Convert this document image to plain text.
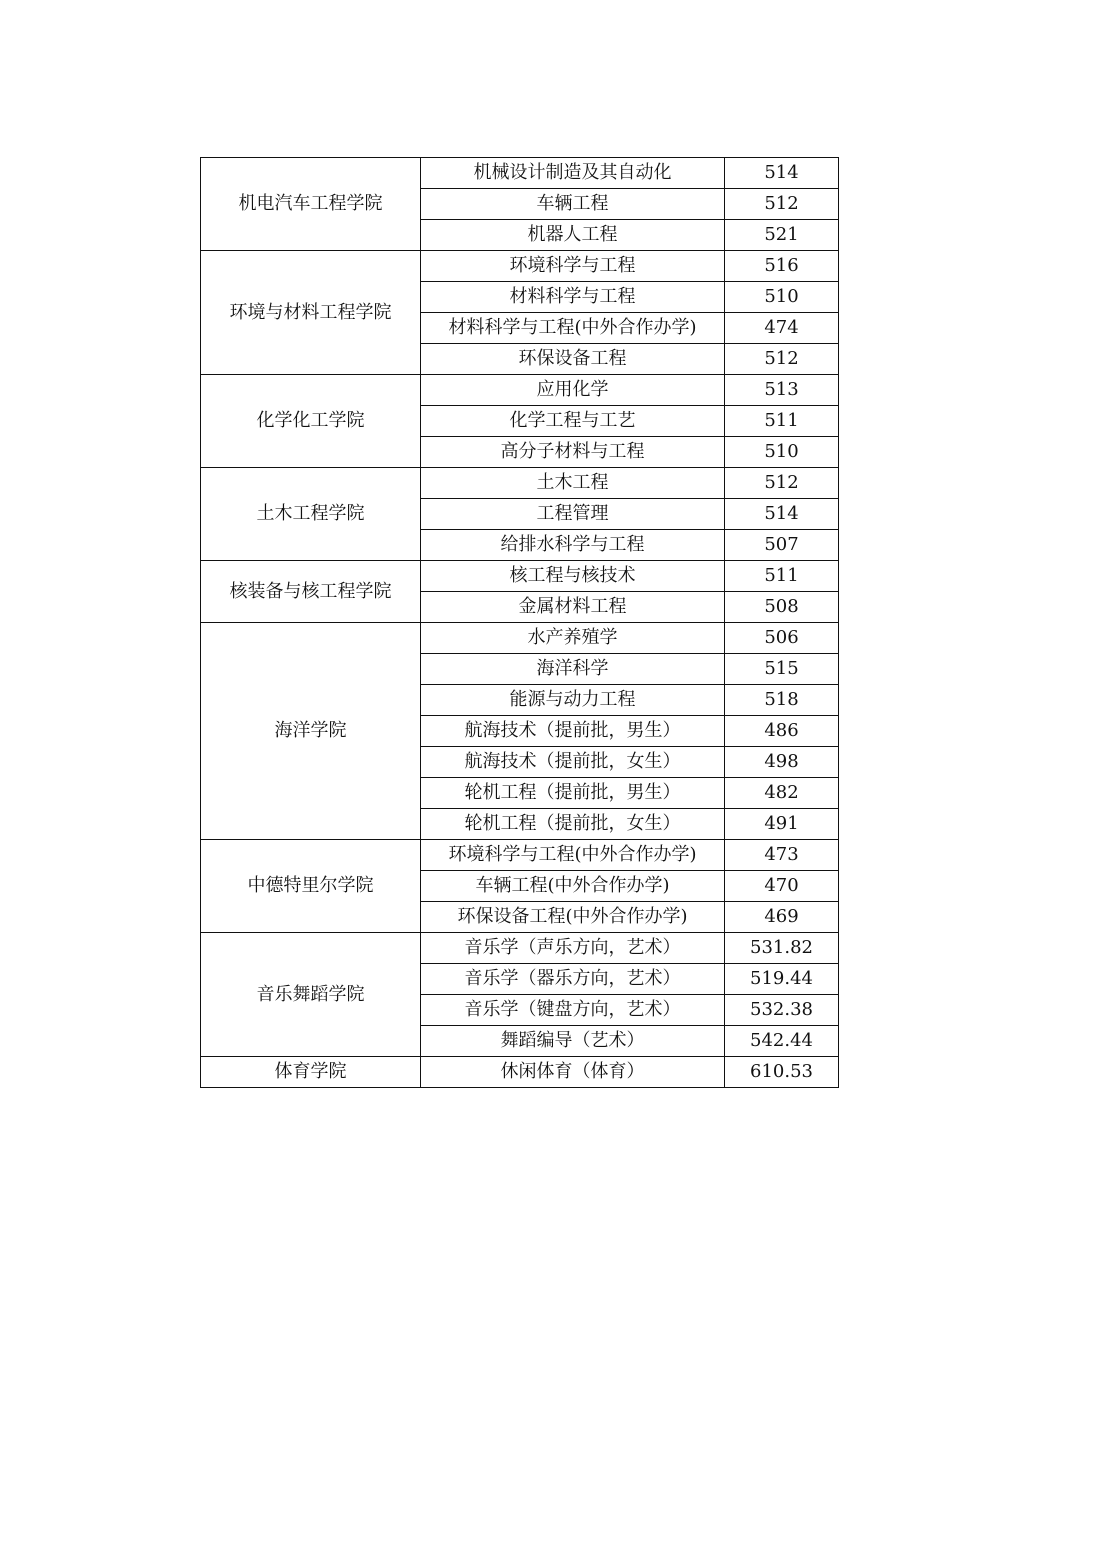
机电汽车工程学院	机械设计制造及其自动化	514
	车辆工程	512
	机器人工程	521
环境与材料工程学院	环境科学与工程	516
	材料科学与工程	510
	材料科学与工程(中外合作办学)	474
	环保设备工程	512
化学化工学院	应用化学	513
	化学工程与工艺	511
	高分子材料与工程	510
土木工程学院	土木工程	512
	工程管理	514
	给排水科学与工程	507
核装备与核工程学院	核工程与核技术	511
	金属材料工程	508
海洋学院	水产养殖学	506
	海洋科学	515
	能源与动力工程	518
	航海技术（提前批，男生）	486
	航海技术（提前批，女生）	498
	轮机工程（提前批，男生）	482
	轮机工程（提前批，女生）	491
中德特里尔学院	环境科学与工程(中外合作办学)	473
	车辆工程(中外合作办学)	470
	环保设备工程(中外合作办学)	469
音乐舞蹈学院	音乐学（声乐方向，艺术）	531.82
	音乐学（器乐方向，艺术）	519.44
	音乐学（键盘方向，艺术）	532.38
	舞蹈编导（艺术）	542.44
体育学院	休闲体育（体育）	610.53
